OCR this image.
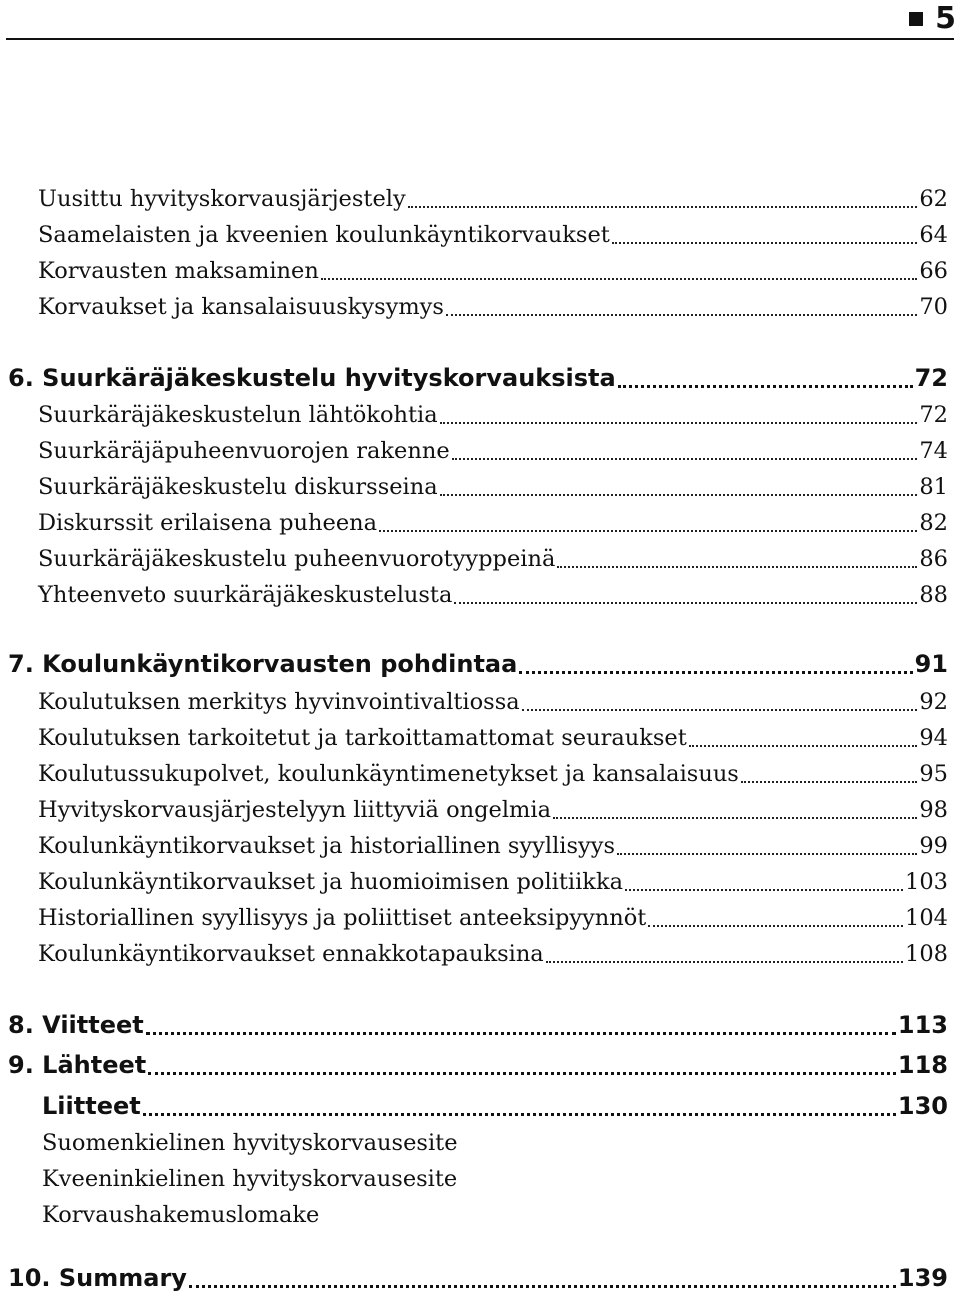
5
Uusittu hyvityskorvausjärjestely	62
Saamelaisten ja kveenien koulunkäyntikorvaukset	64
Korvausten maksaminen	66
Korvaukset ja kansalaisuuskysymys	70
6. Suurkäräjäkeskustelu hyvityskorvauksista	72
Suurkäräjäkeskustelun lähtökohtia	72
Suurkäräjäpuheenvuorojen rakenne	74
Suurkäräjäkeskustelu diskursseina	81
Diskurssit erilaisena puheena	82
Suurkäräjäkeskustelu puheenvuorotyyppeinä	86
Yhteenveto suurkäräjäkeskustelusta	88
7. Koulunkäyntikorvausten pohdintaa	91
Koulutuksen merkitys hyvinvointivaltiossa	92
Koulutuksen tarkoitetut ja tarkoittamattomat seuraukset	94
Koulutussukupolvet, koulunkäyntimenetykset ja kansalaisuus	95
Hyvityskorvausjärjestelyyn liittyviä ongelmia	98
Koulunkäyntikorvaukset ja historiallinen syyllisyys	99
Koulunkäyntikorvaukset ja huomioimisen politiikka	103
Historiallinen syyllisyys ja poliittiset anteeksipyynnöt	104
Koulunkäyntikorvaukset ennakkotapauksina	108
8. Viitteet	113
9. Lähteet	118
Liitteet	130
Suomenkielinen hyvityskorvausesite
Kveeninkielinen hyvityskorvausesite
Korvaushakemuslomake
10. Summary	139
